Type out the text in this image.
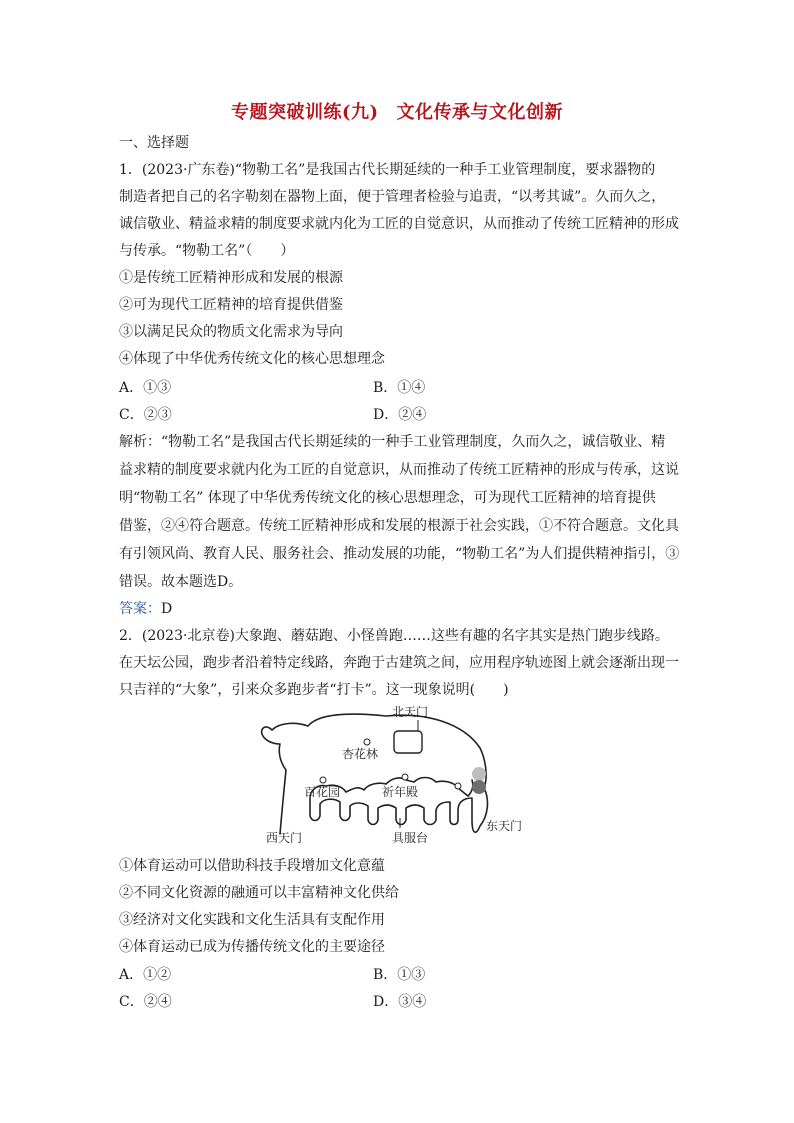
专题突破训练(九) 文化传承与文化创新
一、选择题
1．(2023·广东卷)“物勒工名”是我国古代长期延续的一种手工业管理制度，要求器物的
制造者把自己的名字勒刻在器物上面，便于管理者检验与追责，“以考其诚”。久而久之，
诚信敬业、精益求精的制度要求就内化为工匠的自觉意识，从而推动了传统工匠精神的形成
与传承。“物勒工名”（　　）
①是传统工匠精神形成和发展的根源
②可为现代工匠精神的培育提供借鉴
③以满足民众的物质文化需求为导向
④体现了中华优秀传统文化的核心思想理念
A．①③	B．①④
C．②③	D．②④
解析：“物勒工名”是我国古代长期延续的一种手工业管理制度，久而久之，诚信敬业、精
益求精的制度要求就内化为工匠的自觉意识，从而推动了传统工匠精神的形成与传承，这说
明“物勒工名” 体现了中华优秀传统文化的核心思想理念，可为现代工匠精神的培育提供
借鉴，②④符合题意。传统工匠精神形成和发展的根源于社会实践，①不符合题意。文化具
有引领风尚、教育人民、服务社会、推动发展的功能，“物勒工名”为人们提供精神指引，③
错误。故本题选D。
答案：D
2．(2023·北京卷)大象跑、蘑菇跑、小怪兽跑……这些有趣的名字其实是热门跑步线路。
在天坛公园，跑步者沿着特定线路，奔跑于古建筑之间，应用程序轨迹图上就会逐渐出现一
只吉祥的“大象”，引来众多跑步者“打卡”。这一现象说明(　　)
北天门
杏花林
百花园	祈年殿
西天门	具服台
东天门
①体育运动可以借助科技手段增加文化意蕴
②不同文化资源的融通可以丰富精神文化供给
③经济对文化实践和文化生活具有支配作用
④体育运动已成为传播传统文化的主要途径
A．①②	B．①③
C．②④	D．③④
